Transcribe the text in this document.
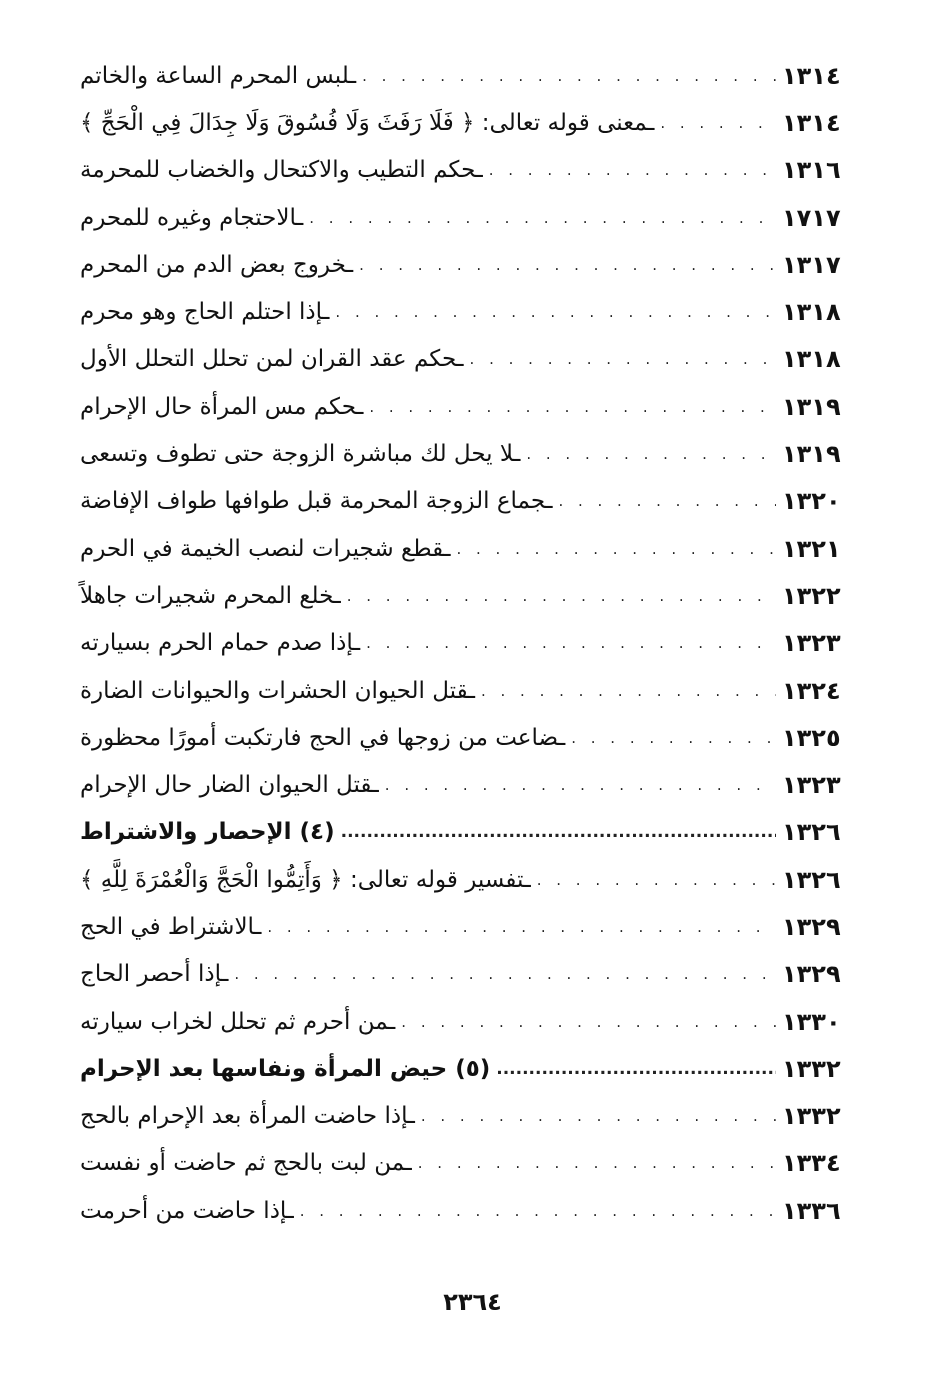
ـ لبس المحرم الساعة والخاتم . . .	١٣١٤
ـ معنى قوله تعالى: ﴿ فَلَا رَفَثَ وَلَا فُسُوقَ وَلَا جِدَالَ فِي الْحَجِّ ﴾ . . .	١٣١٤
ـ حكم التطيب والاكتحال والخضاب للمحرمة . . .	١٣١٦
ـ الاحتجام وغيره للمحرم . . .	١٧١٧
ـ خروج بعض الدم من المحرم . . .	١٣١٧
ـ إذا احتلم الحاج وهو محرم . . .	١٣١٨
ـ حكم عقد القران لمن تحلل التحلل الأول . . .	١٣١٨
ـ حكم مس المرأة حال الإحرام . . .	١٣١٩
ـ لا يحل لك مباشرة الزوجة حتى تطوف وتسعى . . .	١٣١٩
ـ جماع الزوجة المحرمة قبل طوافها طواف الإفاضة . . .	١٣٢٠
ـ قطع شجيرات لنصب الخيمة في الحرم . . .	١٣٢١
ـ خلع المحرم شجيرات جاهلاً . . .	١٣٢٢
ـ إذا صدم حمام الحرم بسيارته . . .	١٣٢٣
ـ قتل الحيوان الحشرات والحيوانات الضارة . . .	١٣٢٤
ـ ضاعت من زوجها في الحج فارتكبت أمورًا محظورة . . .	١٣٢٥
ـ قتل الحيوان الضار حال الإحرام . . .	١٣٢٣
(٤) الإحصار والاشتراط .....	١٣٢٦
ـ تفسير قوله تعالى: ﴿ وَأَتِمُّوا الْحَجَّ وَالْعُمْرَةَ لِلَّهِ ﴾ . . .	١٣٢٦
ـ الاشتراط في الحج . . .	١٣٢٩
ـ إذا أحصر الحاج . . .	١٣٢٩
ـ من أحرم ثم تحلل لخراب سيارته . . .	١٣٣٠
(٥) حيض المرأة ونفاسها بعد الإحرام .....	١٣٣٢
ـ إذا حاضت المرأة بعد الإحرام بالحج . . .	١٣٣٢
ـ من لبت بالحج ثم حاضت أو نفست . . .	١٣٣٤
ـ إذا حاضت من أحرمت . . .	١٣٣٦
٢٣٦٤
